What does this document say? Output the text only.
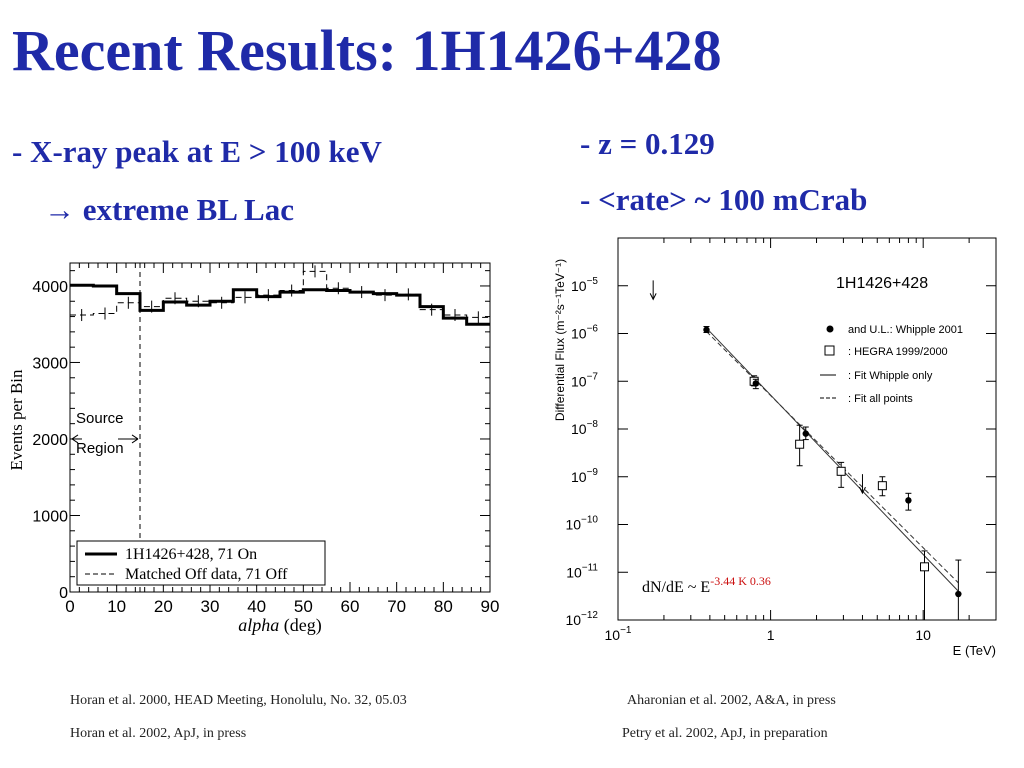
Recent Results: 1H1426+428
- X-ray peak at E > 100 keV
→ extreme BL Lac
- z = 0.129
- <rate> ~ 100 mCrab
Events per Bin
alpha (deg)
0 10 20 30 40 50 60 70 80 90
0
1000
2000
3000
4000
Source
Region
1H1426+428, 71 On
Matched Off data, 71 Off
Differential Flux (m⁻²s⁻¹TeV⁻¹)
E (TeV)
1H1426+428
$10^{-1}$	1	10
$10^{-5}$
$10^{-6}$
$10^{-7}$
$10^{-8}$
$10^{-9}$
$10^{-10}$
$10^{-11}$
$10^{-12}$
and U.L.: Whipple 2001
: HEGRA 1999/2000
: Fit Whipple only
: Fit all points
dN/dE ~ $E^{-3.44 K 0.36}$
Horan et al. 2000, HEAD Meeting, Honolulu, No. 32, 05.03
Horan et al. 2002, ApJ, in press
Aharonian et al. 2002, A&A, in press
Petry et al. 2002, ApJ, in preparation
